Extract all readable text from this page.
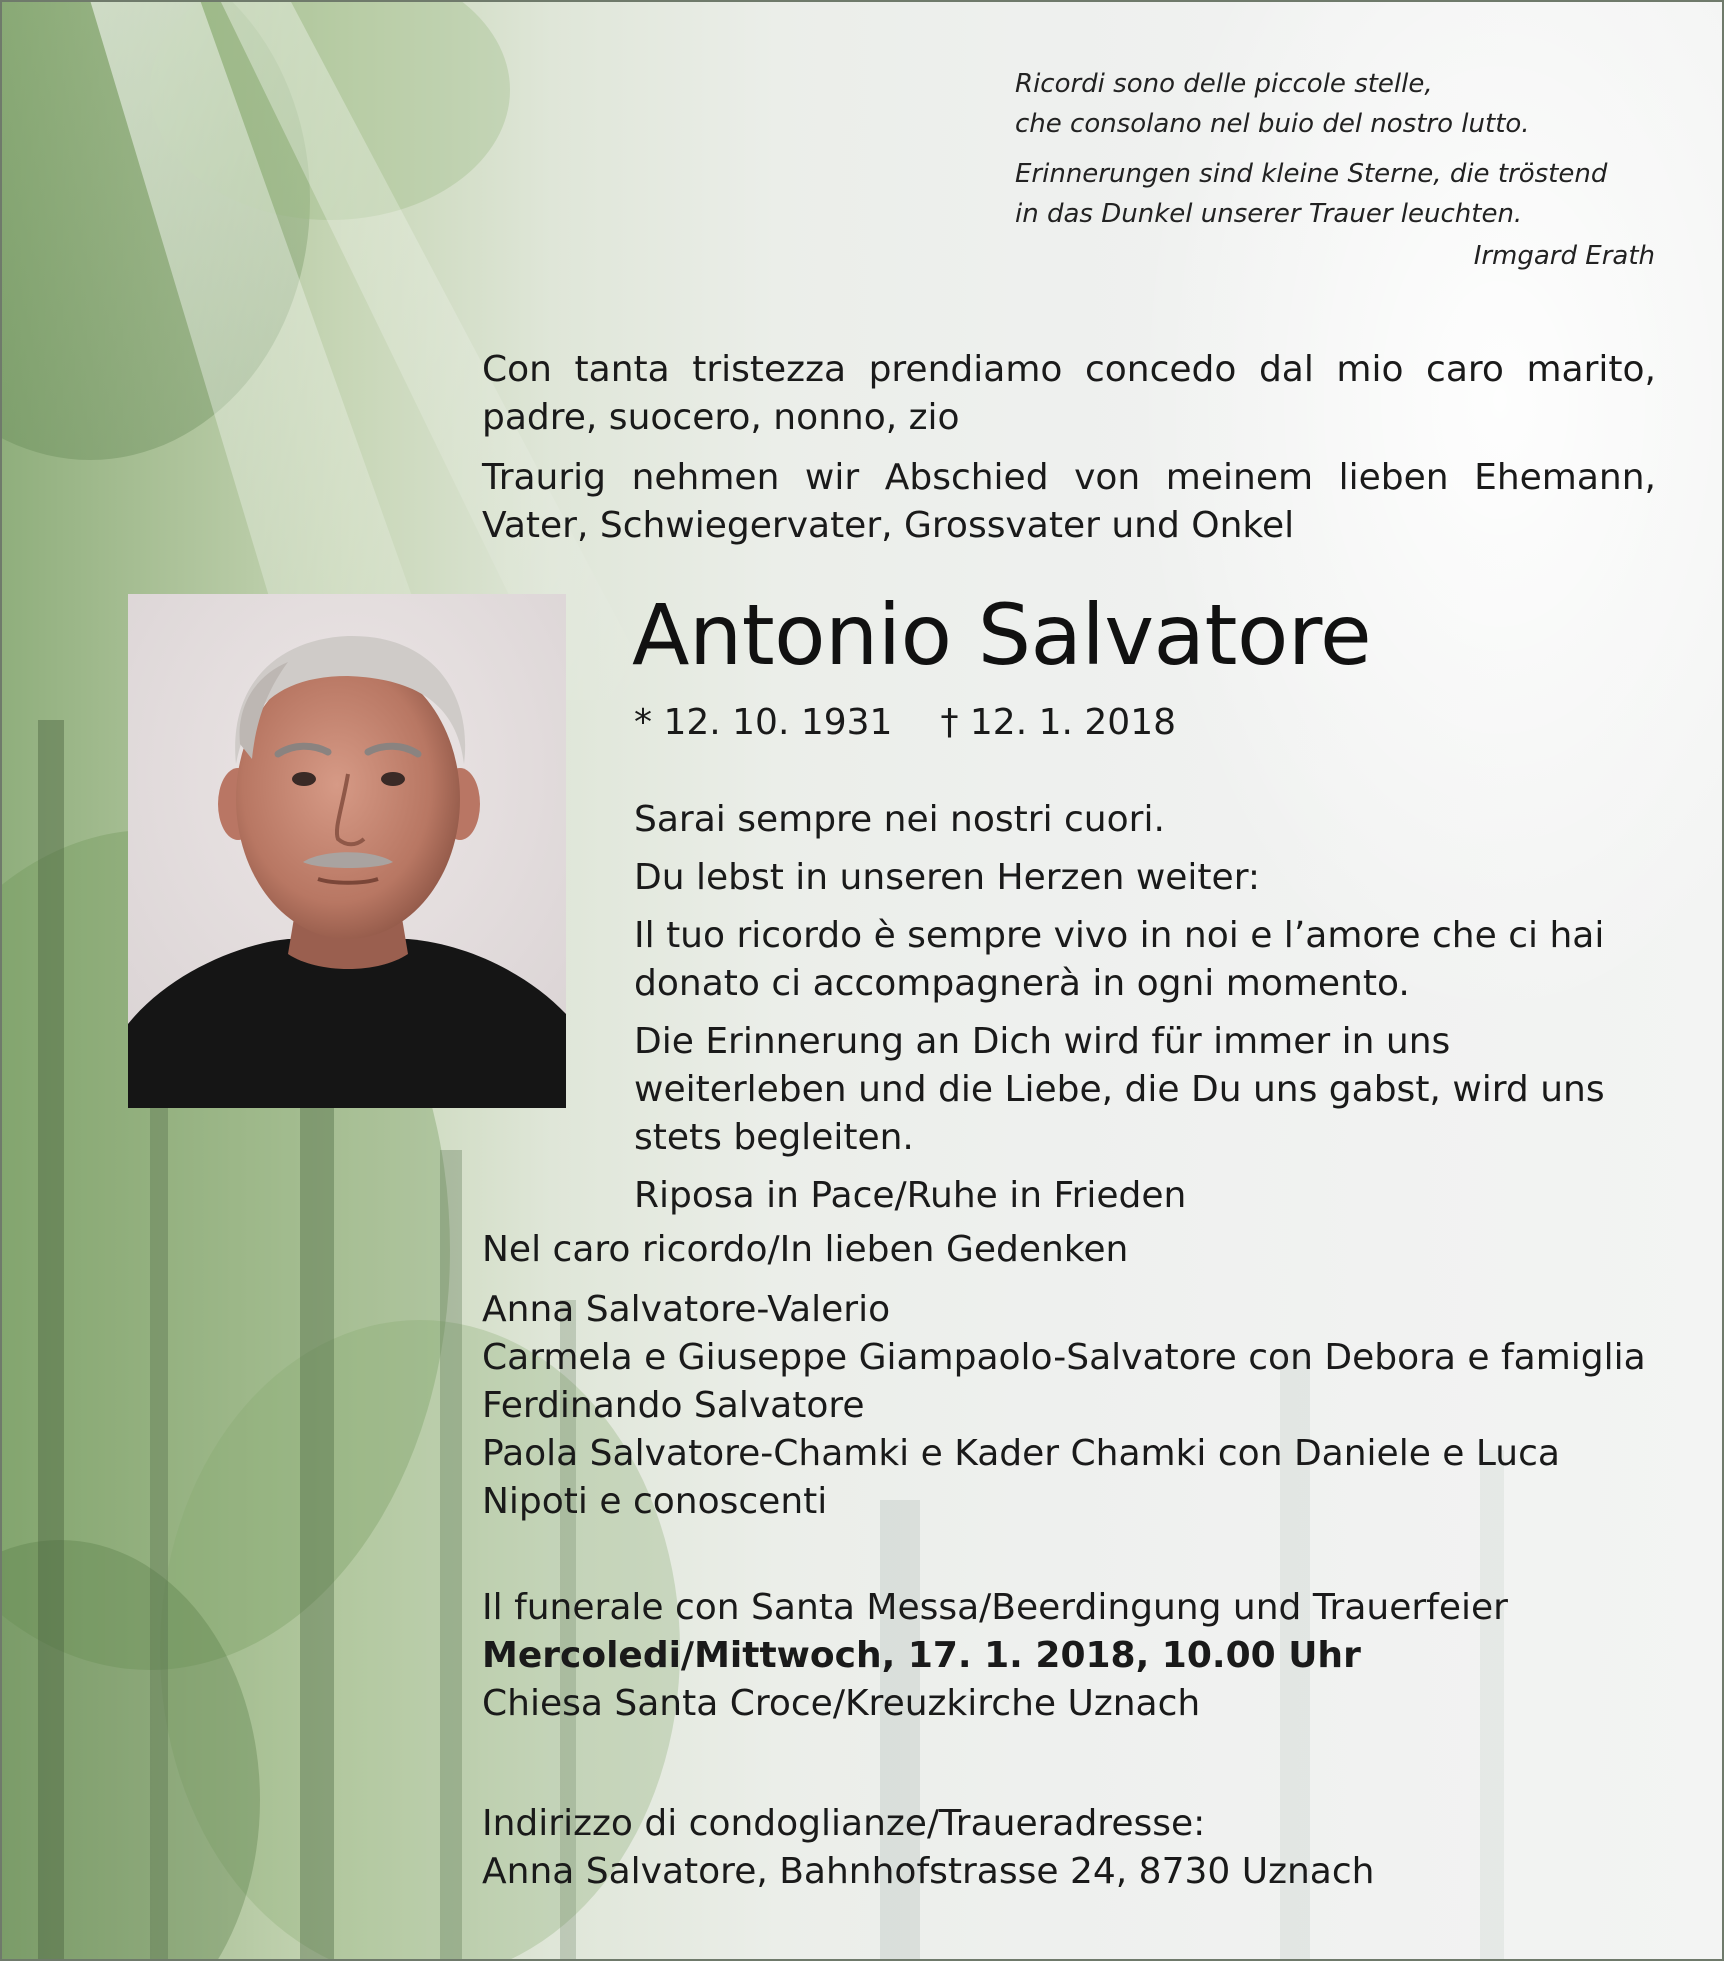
Ricordi sono delle piccole stelle,

che consolano nel buio del nostro lutto.

Erinnerungen sind kleine Sterne, die tröstend

in das Dunkel unserer Trauer leuchten.

Irmgard Erath

Con tanta tristezza prendiamo concedo dal mio caro marito, padre, suocero, nonno, zio

Traurig nehmen wir Abschied von meinem lieben Ehemann, Vater, Schwiegervater, Grossvater und Onkel

Antonio Salvatore
* 12. 10. 1931 † 12. 1. 2018

Sarai sempre nei nostri cuori.

Du lebst in unseren Herzen weiter:

Il tuo ricordo è sempre vivo in noi e l’amore che ci hai donato ci accompagnerà in ogni momento.

Die Erinnerung an Dich wird für immer in uns weiterleben und die Liebe, die Du uns gabst, wird uns stets begleiten.

Riposa in Pace/Ruhe in Frieden

Nel caro ricordo/In lieben Gedenken
Anna Salvatore-Valerio
Carmela e Giuseppe Giampaolo-Salvatore con Debora e famiglia
Ferdinando Salvatore
Paola Salvatore-Chamki e Kader Chamki con Daniele e Luca
Nipoti e conoscenti
Il funerale con Santa Messa/Beerdingung und Trauerfeier
Mercoledi/Mittwoch, 17. 1. 2018, 10.00 Uhr
Chiesa Santa Croce/Kreuzkirche Uznach
Indirizzo di condoglianze/Traueradresse:
Anna Salvatore, Bahnhofstrasse 24, 8730 Uznach
